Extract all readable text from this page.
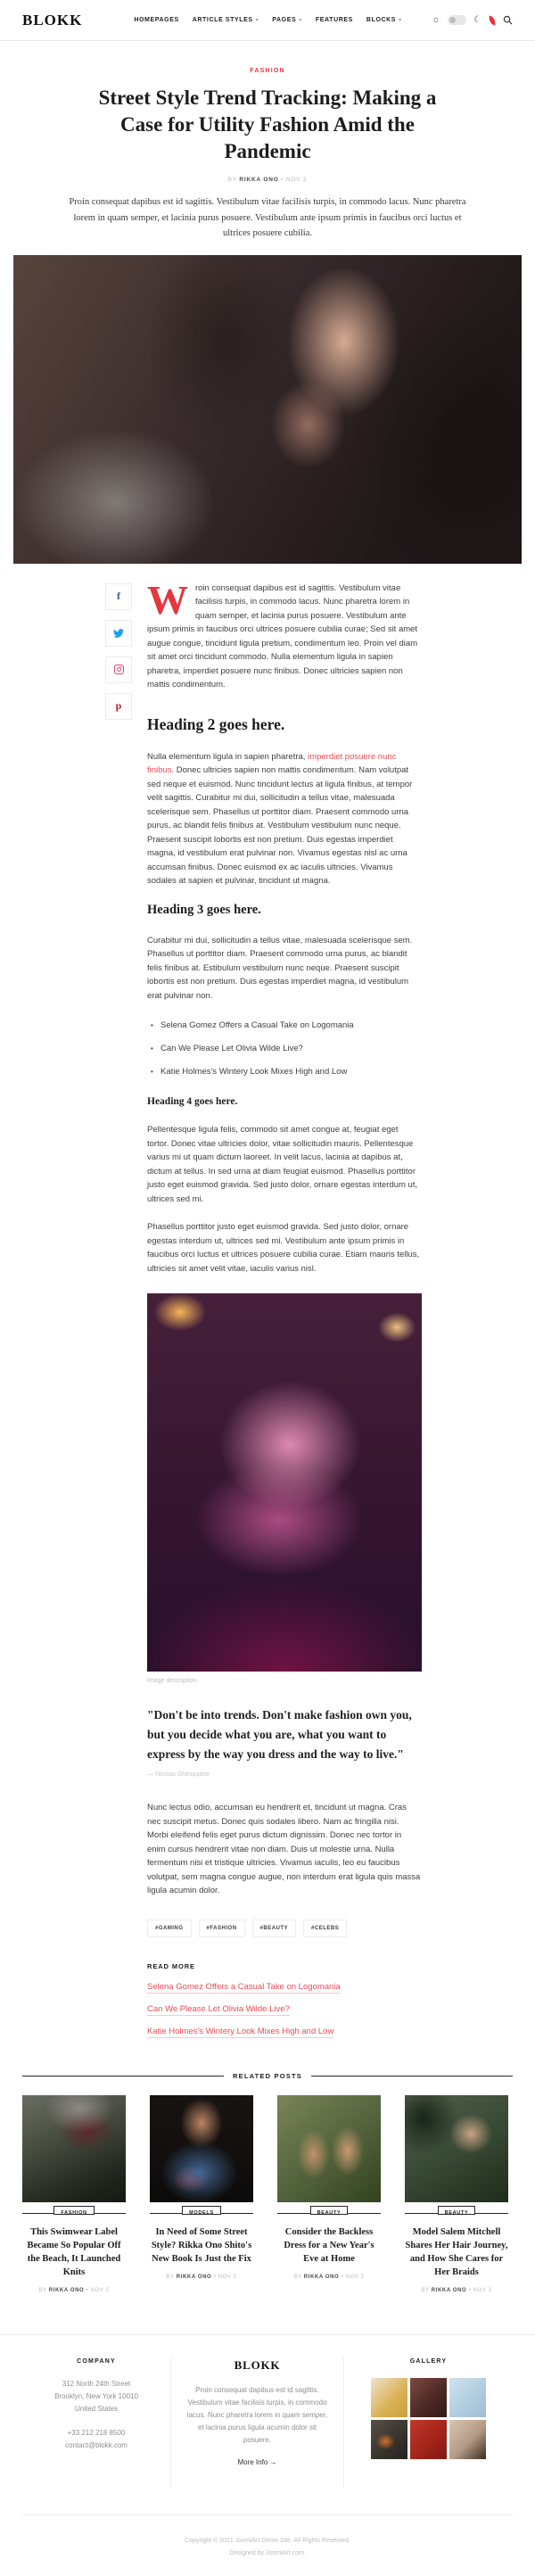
BLOKK	HOMEPAGES ARTICLE STYLES ▾ PAGES ▾ FEATURES BLOCKS ▾	☼	☾
FASHION
Street Style Trend Tracking: Making a Case for Utility Fashion Amid the Pandemic
BY RIKKA ONO • NOV 2

Proin consequat dapibus est id sagittis. Vestibulum vitae facilisis turpis, in commodo lacus. Nunc pharetra lorem in quam semper, et lacinia purus posuere. Vestibulum ante ipsum primis in faucibus orci luctus et ultrices posuere cubilia.

f
p

Wroin consequat dapibus est id sagittis. Vestibulum vitae facilisis turpis, in commodo lacus. Nunc pharetra lorem in quam semper, et lacinia purus posuere. Vestibulum ante ipsum primis in faucibus orci ultrices posuere cubilia curae; Sed sit amet augue congue, tincidunt ligula pretium, condimentum leo. Proin vel diam sit amet orci tincidunt commodo. Nulla elementum ligula in sapien pharetra, imperdiet posuere nunc finibus. Donec ultricies sapien non mattis condimentum.

Heading 2 goes here.

Nulla elementum ligula in sapien pharetra, imperdiet posuere nunc finibus. Donec ultricies sapien non mattis condimentum. Nam volutpat sed neque et euismod. Nunc tincidunt lectus at ligula finibus, at tempor velit sagittis. Curabitur mi dui, sollicitudin a tellus vitae, malesuada scelerisque sem. Phasellus ut porttitor diam. Praesent commodo urna purus, ac blandit felis finibus at. Vestibulum vestibulum nunc neque. Praesent suscipit lobortis est non pretium. Duis egestas imperdiet magna, id vestibulum erat pulvinar non. Vivamus egestas nisl ac urna accumsan finibus. Donec euismod ex ac iaculis ultricies. Vivamus sodales at sapien et pulvinar, tincidunt ut magna.

Heading 3 goes here.

Curabitur mi dui, sollicitudin a tellus vitae, malesuada scelerisque sem. Phasellus ut porttitor diam. Praesent commodo urna purus, ac blandit felis finibus at. Estibulum vestibulum nunc neque. Praesent suscipit lobortis est non pretium. Duis egestas imperdiet magna, id vestibulum erat pulvinar non.

• Selena Gomez Offers a Casual Take on Logomania
• Can We Please Let Olivia Wilde Live?
• Katie Holmes's Wintery Look Mixes High and Low
Heading 4 goes here.

Pellentesque ligula felis, commodo sit amet congue at, feugiat eget tortor. Donec vitae ultricies dolor, vitae sollicitudin mauris. Pellentesque varius mi ut quam dictum laoreet. In velit lacus, lacinia at dapibus at, dictum at tellus. In sed urna at diam feugiat euismod. Phasellus porttitor justo eget euismod gravida. Sed justo dolor, ornare egestas interdum ut, ultrices sed mi.

Phasellus porttitor justo eget euismod gravida. Sed justo dolor, ornare egestas interdum ut, ultrices sed mi. Vestibulum ante ipsum primis in faucibus orci luctus et ultrices posuere cubilia curae. Etiam mauris tellus, ultricies sit amet velit vitae, iaculis varius nisl.

Image description.
"Don't be into trends. Don't make fashion own you, but you decide what you are, what you want to express by the way you dress and the way to live."
— Nicolas Ghesquière

Nunc lectus odio, accumsan eu hendrerit et, tincidunt ut magna. Cras nec suscipit metus. Donec quis sodales libero. Nam ac fringilla nisi. Morbi eleifend felis eget purus dictum dignissim. Donec nec tortor in enim cursus hendrerit vitae non diam. Duis ut molestie urna. Nulla fermentum nisi et tristique ultricies. Vivamus iaculis, leo eu faucibus volutpat, sem magna congue augue, non interdum erat ligula quis massa ligula acumin dolor.

#GAMING	#FASHION	#BEAUTY	#CELEBS
READ MORE
Selena Gomez Offers a Casual Take on Logomania
Can We Please Let Olivia Wilde Live?
Katie Holmes's Wintery Look Mixes High and Low
RELATED POSTS
FASHION
This Swimwear Label Became So Popular Off the Beach, It Launched Knits
BY RIKKA ONO • NOV 2
MODELS
In Need of Some Street Style? Rikka Ono Shito's New Book Is Just the Fix
BY RIKKA ONO • NOV 2
BEAUTY
Consider the Backless Dress for a New Year's Eve at Home
BY RIKKA ONO • NOV 2
BEAUTY
Model Salem Mitchell Shares Her Hair Journey, and How She Cares for Her Braids
BY RIKKA ONO • NOV 2
COMPANY
312 North 24th Street
Brooklyn, New York 10010
United States
+33 212 218 8500
contact@blokk.com
BLOKK
Proin consequat dapibus est id sagittis. Vestibulum vitae facilisis turpis, in commodo lacus. Nunc pharetra lorem in quam semper, et lacinia purus ligula acumin dolor sit posuere.
More Info →
GALLERY
Copyright © 2021 JoomlArt Demo Site. All Rights Reserved.
Designed by JoomlArt.com.
